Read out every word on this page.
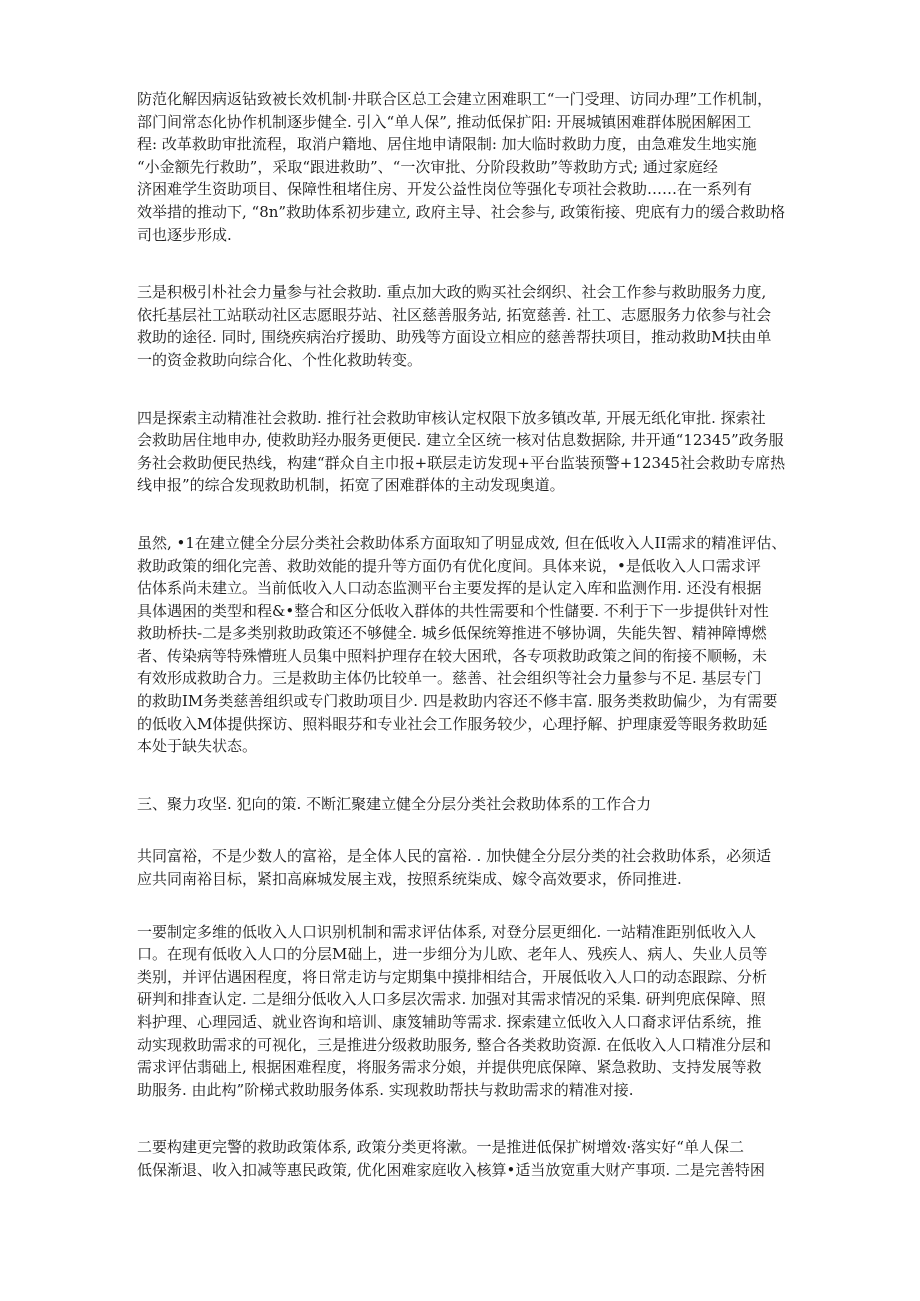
防范化解因病返钻致被长效机制·井联合区总工会建立困难职工“一门受理、访同办理”工作机制，
部门间常态化协作机制逐步健全. 引入“单人保”, 推动低保扩阳: 开展城镇困难群体脱困解困工
程: 改革救助审批流程，取消户籍地、居住地申请限制: 加大临时救助力度，由急难发生地实施
“小金额先行救助”，采取“跟进救助”、“一次审批、分阶段救助”等救助方式; 通过家庭经
济困难学生资助项目、保障性租堵住房、开发公益性岗位等强化专项社会救助……在一系列有
效举措的推动下, “8n”救助体系初步建立, 政府主导、社会参与, 政策衔接、兜底有力的缓合救助格
司也逐步形成.

三是积极引朴社会力量参与社会救助. 重点加大政的购买社会纲织、社会工作参与救助服务力度,
依托基层社工站联动社区志愿眼芬站、社区慈善服务站, 拓宽慈善. 社工、志愿服务力依参与社会
救助的途径. 同时, 围绕疾病治疗援助、助残等方面设立相应的慈善帮扶项目，推动救助M扶由单
一的资金救助向综合化、个性化救助转变。

四是探索主动精准社会救助. 推行社会救助审核认定权限下放多镇改革, 开展无纸化审批. 探索社
会救助居住地申办, 使救助羟办服务更便民. 建立全区统一核对估息数据除, 井开通“12345”政务服
务社会救助便民热线，构建“群众自主巾报+联层走访发现+平台监装预警+12345社会救助专席热
线申报”的综合发现救助机制，拓宽了困难群体的主动发现奥道。

虽然, •1在建立健全分层分类社会救助体系方面取知了明显成效, 但在低收入人II需求的精准评估、
救助政策的细化完善、救助效能的提升等方面仍有优化度间。具体来说，•是低收入人口需求评
估体系尚未建立。当前低收入人口动态监测平台主要发挥的是认定入库和监测作用. 还没有根据
具体遇困的类型和程&•整合和区分低收入群体的共性需要和个性儲要. 不利于下一步提供针对性
救助桥扶-二是多类别救助政策还不够健全. 城乡低保统筹推进不够协调，失能失智、精神障博燃
者、传染病等特殊懵班人员集中照料护理存在较大困玳，各专项救助政策之间的衔接不顺畅，未
有效形成救助合力。三是救助主体仍比较单一。慈善、社会组织等社会力量参与不足. 基层专门
的救助IM务类慈善组织或专门救助项目少. 四是救助内容还不修丰富. 服务类救助偏少，为有需要
的低收入M体提供探访、照料眼芬和专业社会工作服务较少，心理抒解、护理康爱等眼务救助延
本处于缺失状态。

三、聚力攻坚. 犯向的策. 不断汇聚建立健全分层分类社会救助体系的工作合力

共同富裕，不是少数人的富裕，是全体人民的富裕. . 加快健全分层分类的社会救助体系，必须适
应共同南裕目标，紧扣高麻城发展主戏，按照系统柒成、嫁令高效要求，侨同推进.

一要制定多维的低收入人口识别机制和需求评估体系, 对登分层更细化. 一站精准距别低收入人
口。在现有低收入人口的分层M础上，进一步细分为儿欧、老年人、残疾人、病人、失业人员等
类别，并评估遇困程度，将日常走访与定期集中摸排相结合，开展低收入人口的动态跟踪、分析
研判和排查认定. 二是细分低收入人口多层次需求. 加强对其需求情况的采集. 研判兜底保障、照
料护理、心理园适、就业咨询和培训、康笈辅助等需求. 探索建立低收入人口裔求评估系统，推
动实现救助需求的可视化，三是推进分级救助服务, 整合各类救助资源. 在低收入人口精准分层和
需求评估翡础上, 根据困难程度，将服务需求分娘，并提供兜底保障、紧急救助、支持发展等救
助服务. 由此构”阶梯式救助服务体系. 实现救助帮扶与救助需求的精准对接.

二要构建更完警的救助政策体系, 政策分类更将漱。一是推进低保扩树增效·落实好“单人保二
低保渐退、收入扣减等惠民政策, 优化困难家庭收入核算•适当放宽重大财产事项. 二是完善特困
